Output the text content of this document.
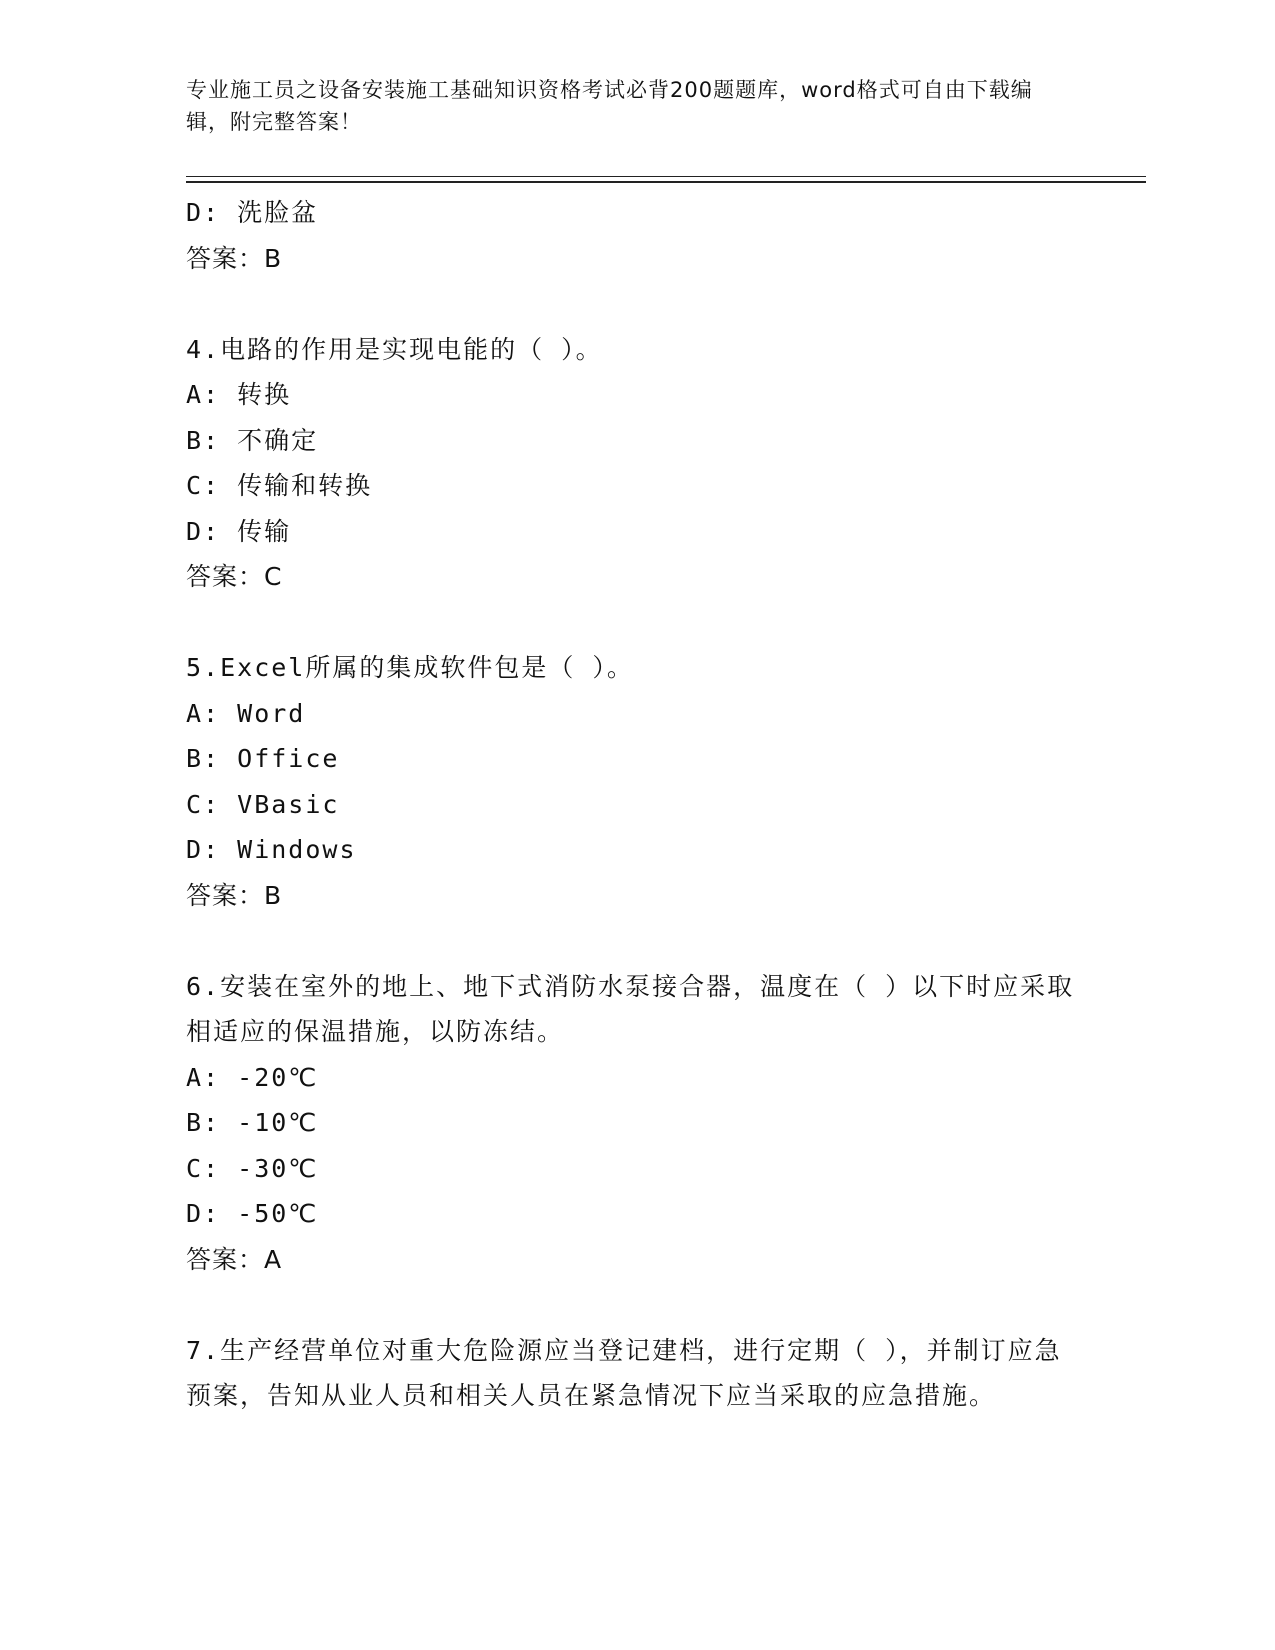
专业施工员之设备安装施工基础知识资格考试必背200题题库，word格式可自由下载编辑，附完整答案！
D: 洗脸盆
答案：B
4.电路的作用是实现电能的（ ）。
A: 转换
B: 不确定
C: 传输和转换
D: 传输
答案：C
5.Excel所属的集成软件包是（ ）。
A: Word
B: Office
C: VBasic
D: Windows
答案：B
6.安装在室外的地上、地下式消防水泵接合器，温度在（ ）以下时应采取相适应的保温措施，以防冻结。
A: -20℃
B: -10℃
C: -30℃
D: -50℃
答案：A
7.生产经营单位对重大危险源应当登记建档，进行定期（ ），并制订应急预案，告知从业人员和相关人员在紧急情况下应当采取的应急措施。
